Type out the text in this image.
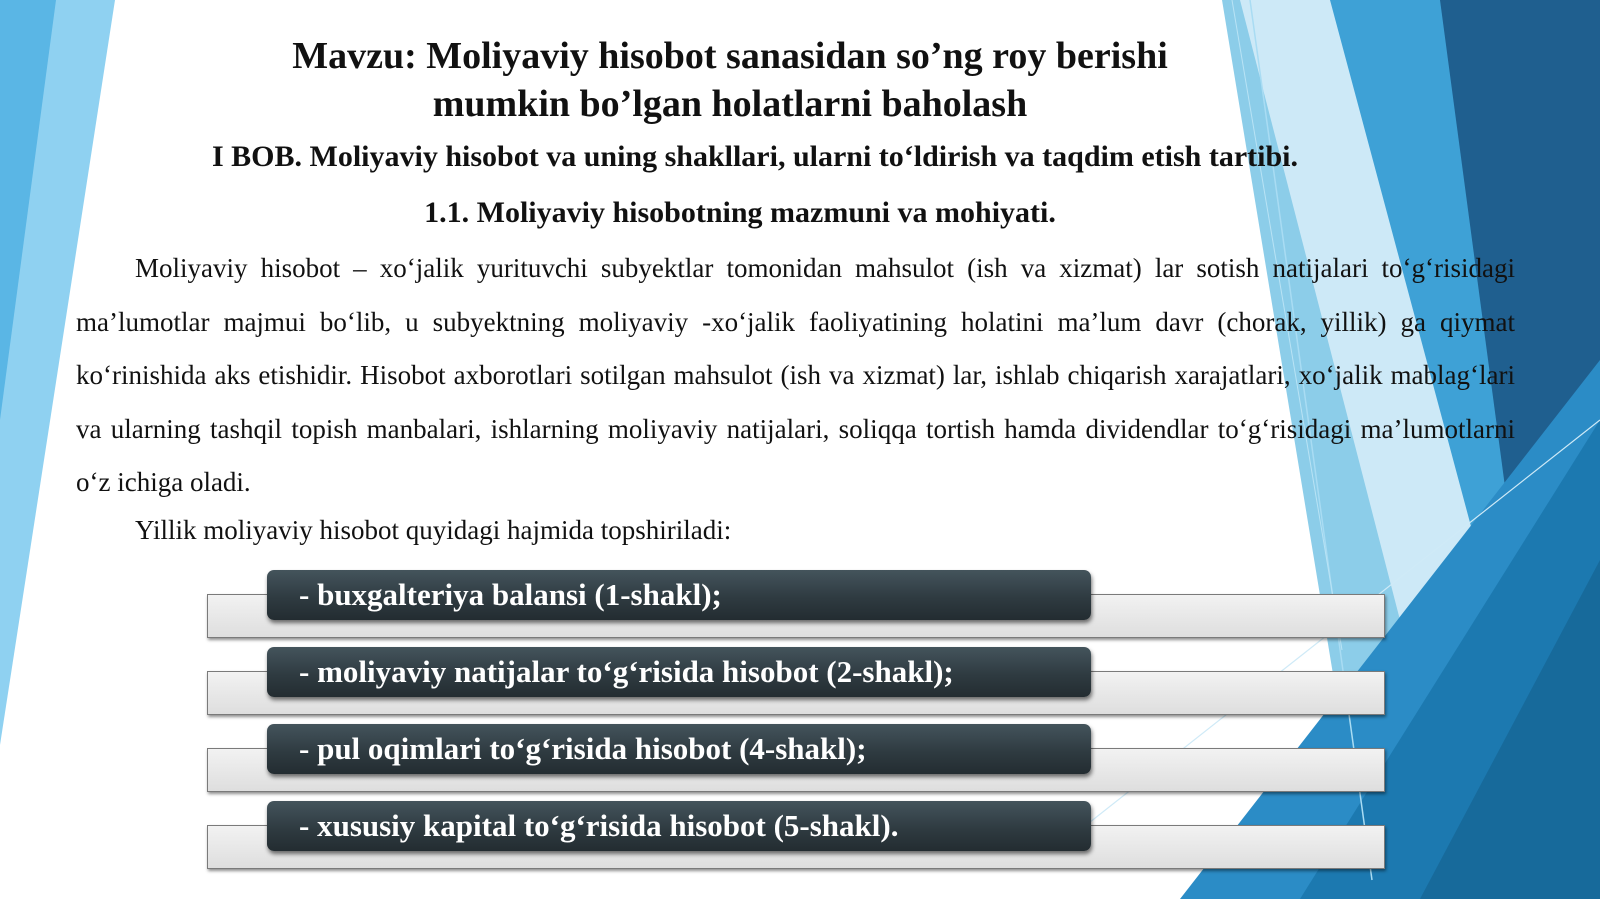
Mavzu: Moliyaviy hisobot sanasidan so’ng roy berishi
mumkin bo’lgan holatlarni baholash
I BOB. Moliyaviy hisobot va uning shakllari, ularni to‘ldirish va taqdim etish tartibi.
1.1. Moliyaviy hisobotning mazmuni va mohiyati.

Moliyaviy hisobot – xo‘jalik yurituvchi subyektlar tomonidan mahsulot (ish va xizmat) lar sotish natijalari to‘g‘risidagi ma’lumotlar majmui bo‘lib, u subyektning moliyaviy -xo‘jalik faoliyatining holatini ma’lum davr (chorak, yillik) ga qiymat ko‘rinishida aks etishidir. Hisobot axborotlari sotilgan mahsulot (ish va xizmat) lar, ishlab chiqarish xarajatlari, xo‘jalik mablag‘lari va ularning tashqil topish manbalari, ishlarning moliyaviy natijalari, soliqqa tortish hamda dividendlar to‘g‘risidagi ma’lumotlarni o‘z ichiga oladi.

Yillik moliyaviy hisobot quyidagi hajmida topshiriladi:

- buxgalteriya balansi (1-shakl);
- moliyaviy natijalar to‘g‘risida hisobot (2-shakl);
- pul oqimlari to‘g‘risida hisobot (4-shakl);
- xususiy kapital to‘g‘risida hisobot (5-shakl).
